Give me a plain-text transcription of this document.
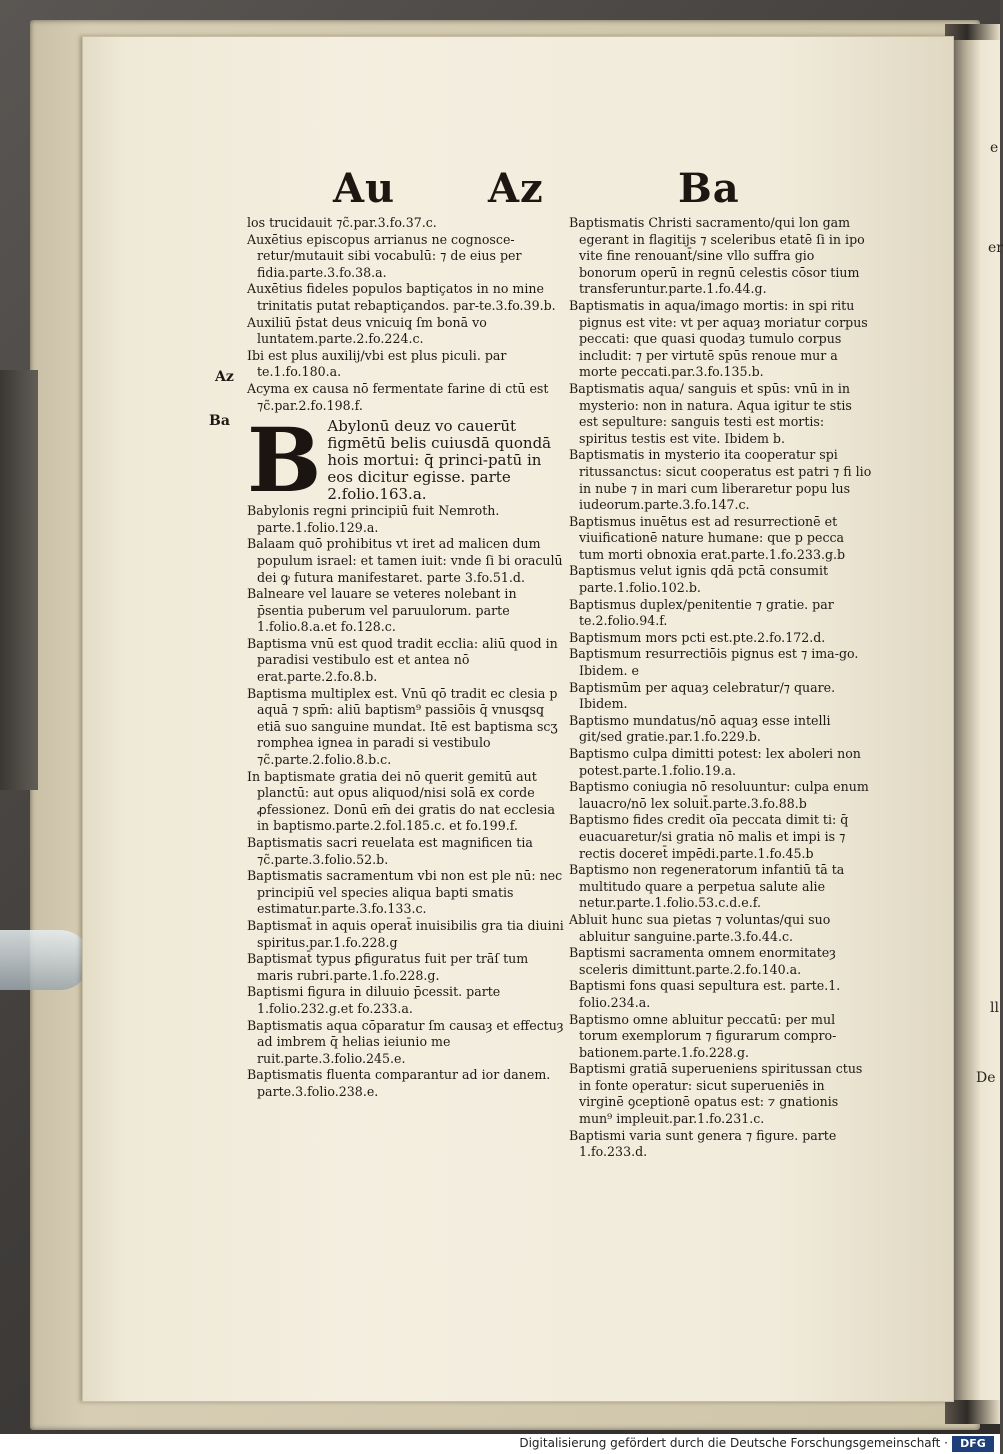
e
er
ll
De
Au Az	Ba
Az
Ba

los trucidauit ⁊c̃.par.3.fo.37.c.

Auxētius episcopus arrianus ne cognosce-retur/mutauit sibi vocabulū: ⁊ de eius per fidia.parte.3.fo.38.a.

Auxētius fideles populos baptiçatos in no mine trinitatis putat rebaptiçandos. par-te.3.fo.39.b.

Auxiliū p̄stat deus vnicuiq̧ ſm bonā vo luntatem.parte.2.fo.224.c.

Ibi est plus auxilij/vbi est plus piculi. par te.1.fo.180.a.

Acyma ex causa nō fermentate farine di ctū est ⁊c̃.par.2.fo.198.f.

B Abylonū deuz vo cauerūt figmētū belis cuiusdā quondā hois mortui: q̄ princi-patū in eos dicitur egisse. parte 2.folio.163.a.

Babylonis regni principiū fuit Nemroth. parte.1.folio.129.a.

Balaam quō prohibitus vt iret ad malicen dum populum israel: et tamen iuit: vnde ſi bi oraculū dei ꝙ futura manifestaret. parte 3.fo.51.d.

Balneare vel lauare se veteres nolebant in p̄sentia puberum vel paruulorum. parte 1.folio.8.a.et fo.128.c.

Baptisma vnū est quod tradit ecclia: aliū quod in paradisi vestibulo est et antea nō erat.parte.2.fo.8.b.

Baptisma multiplex est. Vnū qō tradit ec clesia p aquā ⁊ spm̄: aliū baptism⁹ passiōis q̄ vnusq̧sq̧ etiā suo sanguine mundat. Itē est baptisma scʒ romphea ignea in paradi si vestibulo ⁊c̃.parte.2.folio.8.b.c.

In baptismate gratia dei nō querit gemitū aut planctū: aut opus aliquod/nisi solā ex corde ꝓfessionez. Donū em̄ dei gratis do nat ecclesia in baptismo.parte.2.fol.185.c. et fo.199.f.

Baptismatis sacri reuelata est magnificen tia ⁊c̃.parte.3.folio.52.b.

Baptismatis sacramentum vbi non est ple nū: nec principiū vel species aliqua bapti smatis estimatur.parte.3.fo.133.c.

Baptismat̄ in aquis operat̄ inuisibilis gra tia diuini spiritus.par.1.fo.228.g

Baptismat̄ typus ꝑfiguratus fuit per trāſ tum maris rubri.parte.1.fo.228.g.

Baptismi figura in diluuio p̄cessit. parte 1.folio.232.g.et fo.233.a.

Baptismatis aqua cōparatur ſm causaȝ et effectuȝ ad imbrem q̄ helias ieiunio me ruit.parte.3.folio.245.e.

Baptismatis fluenta comparantur ad ior danem. parte.3.folio.238.e.

Baptismatis Christi sacramento/qui lon gam egerant in flagitijs ⁊ sceleribus etatē ſi in ipo vite fine renouant̄/sine vllo suffra gio bonorum operū in regnū celestis cōsor tium transferuntur.parte.1.fo.44.g.

Baptismatis in aqua/imago mortis: in spi ritu pignus est vite: vt per aquaȝ moriatur corpus peccati: que quasi quodaȝ tumulo corpus includit: ⁊ per virtutē spūs renoue mur a morte peccati.par.3.fo.135.b.

Baptismatis aqua/ sanguis et spūs: vnū in in mysterio: non in natura. Aqua igitur te stis est sepulture: sanguis testi est mortis: spiritus testis est vite. Ibidem b.

Baptismatis in mysterio ita cooperatur spi ritussanctus: sicut cooperatus est patri ⁊ fi lio in nube ⁊ in mari cum liberaretur popu lus iudeorum.parte.3.fo.147.c.

Baptismus inuētus est ad resurrectionē et viuificationē nature humane: que p pecca tum morti obnoxia erat.parte.1.fo.233.g.b

Baptismus velut ignis qdā pctā consumit parte.1.folio.102.b.

Baptismus duplex/penitentie ⁊ gratie. par te.2.folio.94.f.

Baptismum mors pcti est.pte.2.fo.172.d.

Baptismum resurrectiōis pignus est ⁊ ima-go. Ibidem. e

Baptismūm per aquaȝ celebratur/⁊ quare. Ibidem.

Baptismo mundatus/nō aquaȝ esse intelli git/sed gratie.par.1.fo.229.b.

Baptismo culpa dimitti potest: lex aboleri non potest.parte.1.folio.19.a.

Baptismo coniugia nō resoluuntur: culpa enum lauacro/nō lex soluit̄.parte.3.fo.88.b

Baptismo fides credit oīa peccata dimit ti: q̄ euacuaretur/si gratia nō malis et impi is ⁊ rectis doceret̄ impēdi.parte.1.fo.45.b

Baptismo non regeneratorum infantiū tā ta multitudo quare a perpetua salute alie netur.parte.1.folio.53.c.d.e.f.

Abluit hunc sua pietas ⁊ voluntas/qui suo abluitur sanguine.parte.3.fo.44.c.

Baptismi sacramenta omnem enormitateȝ sceleris dimittunt.parte.2.fo.140.a.

Baptismi fons quasi sepultura est. parte.1. folio.234.a.

Baptismo omne abluitur peccatū: per mul torum exemplorum ⁊ figurarum compro-bationem.parte.1.fo.228.g.

Baptismi gratiā superueniens spiritussan ctus in fonte operatur: sicut superueniēs in virginē ꝯceptionē opatus est: ⁊ gnationis mun⁹ impleuit.par.1.fo.231.c.

Baptismi varia sunt genera ⁊ figure. parte 1.fo.233.d.

Digitalisierung gefördert durch die Deutsche Forschungsgemeinschaft ·	DFG
